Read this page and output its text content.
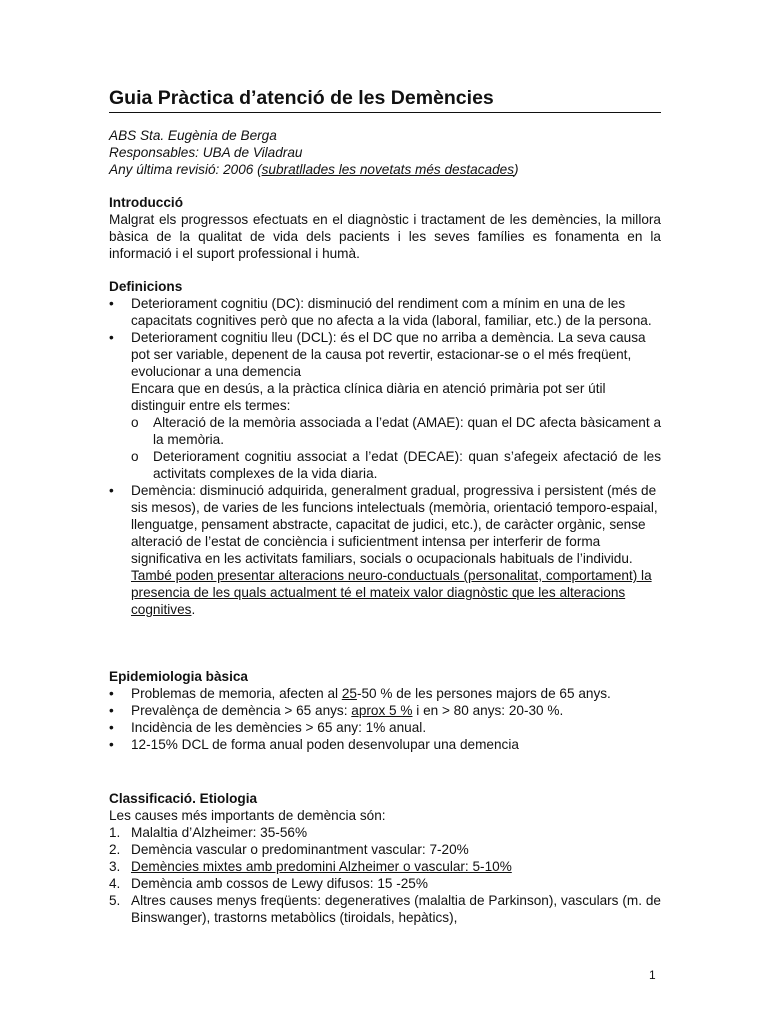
Guia Pràctica d’atenció de les Demències
ABS Sta. Eugènia de Berga
Responsables: UBA de Viladrau
Any última revisió: 2006 (subratllades les novetats més destacades)

Introducció

Malgrat els progressos efectuats en el diagnòstic i tractament de les demències, la millora bàsica de la qualitat de vida dels pacients i les seves famílies es fonamenta en la informació i el suport professional i humà.

Definicions

• Deteriorament cognitiu (DC): disminució del rendiment com a mínim en una de les capacitats cognitives però que no afecta a la vida (laboral, familiar, etc.) de la persona.
• Deteriorament cognitiu lleu (DCL): és el DC que no arriba a demència. La seva causa pot ser variable, depenent de la causa pot revertir, estacionar-se o el més freqüent, evolucionar a una demencia
Encara que en desús, a la pràctica clínica diària en atenció primària pot ser útil distinguir entre els termes:
o Alteració de la memòria associada a l’edat (AMAE): quan el DC afecta bàsicament a la memòria.
o Deteriorament cognitiu associat a l’edat (DECAE): quan s’afegeix afectació de les activitats complexes de la vida diaria.
• Demència: disminució adquirida, generalment gradual, progressiva i persistent (més de sis mesos), de varies de les funcions intelectuals (memòria, orientació temporo-espaial, llenguatge, pensament abstracte, capacitat de judici, etc.), de caràcter orgànic, sense alteració de l’estat de conciència i suficientment intensa per interferir de forma significativa en les activitats familiars, socials o ocupacionals habituals de l’individu. També poden presentar alteracions neuro-conductuals (personalitat, comportament) la presencia de les quals actualment té el mateix valor diagnòstic que les alteracions cognitives.

Epidemiologia bàsica

• Problemas de memoria, afecten al 25-50 % de les persones majors de 65 anys.
• Prevalènça de demència > 65 anys: aprox 5 % i en > 80 anys: 20-30 %.
• Incidència de les demències > 65 any: 1% anual.
• 12-15% DCL de forma anual poden desenvolupar una demencia

Classificació. Etiologia

Les causes més importants de demència són:

1. Malaltia d’Alzheimer: 35-56%
2. Demència vascular o predominantment vascular: 7-20%
3. Demències mixtes amb predomini Alzheimer o vascular: 5-10%
4. Demència amb cossos de Lewy difusos: 15 -25%
5. Altres causes menys freqüents: degeneratives (malaltia de Parkinson), vasculars (m. de Binswanger), trastorns metabòlics (tiroidals, hepàtics),
1
